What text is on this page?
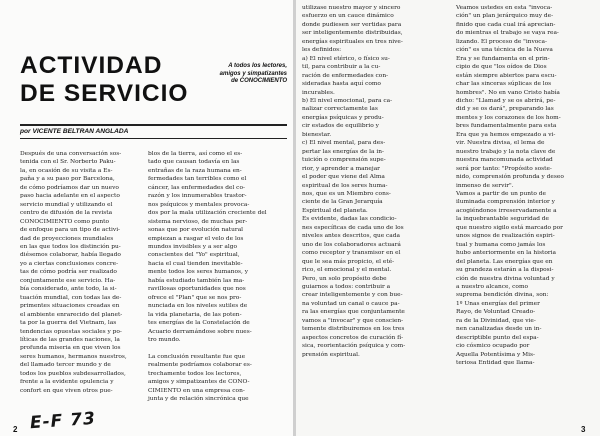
ACTIVIDAD
DE SERVICIO

A todos los lectores,
amigos y simpatizantes
de CONOCIMIENTO

por VICENTE BELTRAN ANGLADA

Después de una conversación sos-

tenida con el Sr. Norberto Paku-

la, en ocasión de su visita a Es-

paña y a su paso por Barcelona,

de cómo podríamos dar un nuevo

paso hacia adelante en el aspecto

servicio mundial y utilizando el

centro de difusión de la revista

CONOCIMIENTO como punto

de enfoque para un tipo de activi-

dad de proyecciones mundiales

en las que todos los distinción pu-

diésemos colaborar, había llegado

yo a ciertas conclusiones concre-

tas de cómo podría ser realizado

conjuntamente ese servicio. Ha-

bía considerado, ante todo, la si-

tuación mundial, con todas las de-

primentes situaciones creadas en

el ambiente enrarecido del planet-

ta por la guerra del Vietnam, las

tendencias opuestas sociales y po-

líticas de las grandes naciones, la

profunda miseria en que viven los

seres humanos, hermanos nuestros,

del llamado tercer mundo y de

todos los pueblos subdesarrollados,

frente a la evidente opulencia y

confort en que viven otros pue-

blos de la tierra, así como el es-

tado que causan todavía en las

entrañas de la raza humana en-

fermedades tan terribles como el

cáncer, las enfermedades del co-

razón y los innumerables trastor-

nos psíquicos y mentales provoca-

dos por la mala utilización creciente del

sistema nervioso, de muchas per-

sonas que por evolución natural

empiezan a rasgar el velo de los

mundos invisibles y a ser algo

conscientes del "Yo" espiritual,

hacia el cual tienden inevitable-

mente todos los seres humanos, y

había estudiado también las ma-

ravillosas oportunidades que nos

ofrece el "Plan" que se nos pro-

nunciada en los niveles sutiles de

la vida planetaria, de las poten-

tes energías de la Constelación de

Acuario derramándose sobre nues-

tro mundo.

La conclusión resultante fue que

realmente podríamos colaborar es-

trechamente todos los lectores,

amigos y simpatizantes de CONO-

CIMIENTO en una empresa con-

junta y de relación sincrónica que

2 E-F 73

utilizase nuestro mayor y sincero

esfuerzo en un cauce dinámico

donde pudiesen ser vertidas para

ser inteligentemente distribuidas,

energías espirituales en tres nive-

les definidos:

a) El nivel etérico, o físico su-

til, para contribuir a la cu-

ración de enfermedades con-

sideradas hasta aquí como

incurables.

b) El nivel emocional, para ca-

nalizar correctamente las

energías psíquicas y produ-

cir estados de equilibrio y

bienestar.

c) El nivel mental, para des-

pertar las energías de la in-

tuición o comprensión supe-

rior, y aprender a manejar

el poder que viene del Alma

espiritual de los seres huma-

nos, que es un Miembro cons-

ciente de la Gran Jerarquía

Espiritual del planeta.

Es evidente, dadas las condicio-

nes específicas de cada uno de los

niveles antes descritos, que cada

uno de los colaboradores actuará

como receptor y transmisor en el

que le sea más propicio, el eté-

rico, el emocional y el mental.

Pero, un solo propósito debe

guiarnos a todos: contribuir a

crear inteligentemente y con bue-

na voluntad un canal o cauce pa-

ra las energías que conjuntamente

vamos a "invocar" y que conscien-

temente distribuiremos en los tres

aspectos concretos de curación fí-

sica, reorientación psíquica y com-

prensión espiritual.

Veamos ustedes en esta "invoca-

ción" un plan jerárquico muy de-

finido que cada cual irá aprecian-

do mientras el trabajo se vaya rea-

lizando. El proceso de "invoca-

ción" es una técnica de la Nueva

Era y se fundamenta en el prin-

cipio de que "los oídos de Dios

están siempre abiertos para escu-

char las sinceras súplicas de los

hombres". No en vano Cristo había

dicho: "Llamad y se os abrirá, pe-

did y se os dará", preparando las

mentes y los corazones de los hom-

bres fundamentalmente para esta

Era que ya hemos empezado a vi-

vir. Nuestra divisa, el lema de

nuestro trabajo y la nota clave de

nuestra mancomunada actividad

será por tanto: "Propósito soste-

nido, comprensión profunda y deseo

inmenso de servir".

Vamos a partir de un punto de

iluminada comprensión interior y

acogiéndonos irreservadamente a

la inquebrantable seguridad de

que nuestro sigilo está marcado por

unos signos de realización espiri-

tual y humana como jamás los

hubo anteriormente en la historia

del planeta. Las energías que en

su grandeza estarán a la disposi-

ción de nuestra divina voluntad y

a nuestro alcance, como

suprema bendición divina, son:

1º Unas energías del primer

Rayo, de Voluntad Creado-

ra de la Divinidad, que vie-

nen canalizadas desde un in-

descriptible punto del espa-

cio cósmico ocupado por

Aquella Potentísima y Mis-

teriosa Entidad que llama-

3
